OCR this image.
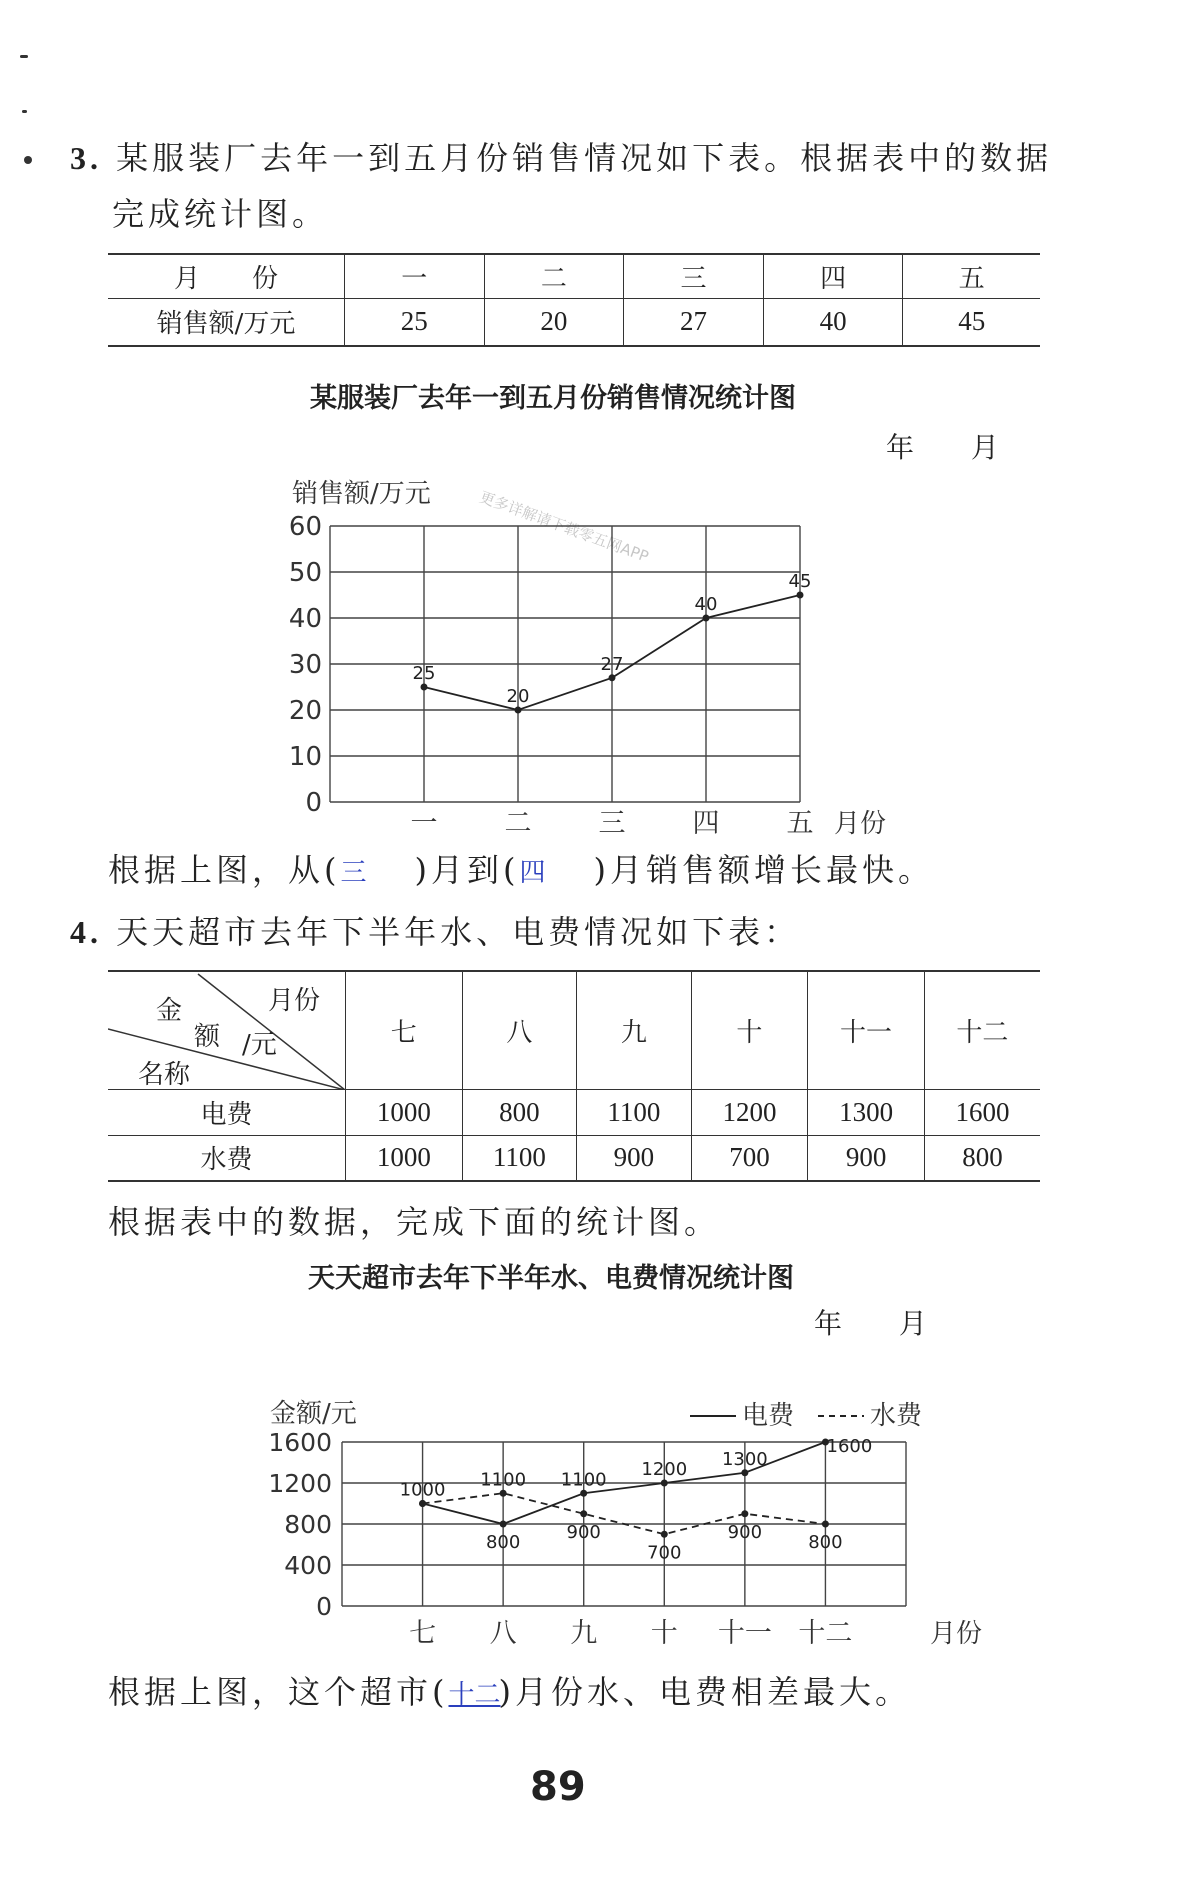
3. 某服装厂去年一到五月份销售情况如下表。根据表中的数据
完成统计图。
月　　份	一	二	三	四	五
销售额/万元	25	20	27	40	45
某服装厂去年一到五月份销售情况统计图
年 月
更多详解请下载零五网APP
销售额/万元
0
10
20
30
40
50
60
一 二 三 四 五 月份
25
20
27
40
45
根据上图，从(三 )月到(四 )月销售额增长最快。
4. 天天超市去年下半年水、电费情况如下表：
月份
金
额 /元
名称	七	八	九	十	十一	十二
电费	1000	800	1100	1200	1300	1600
水费	1000	1100	900	700	900	800
根据表中的数据，完成下面的统计图。
天天超市去年下半年水、电费情况统计图
年 月
金额/元	电费	水费
0
400
800
1200
1600
七 八 九 十 十一 十二	月份
1000 1100 1100 1200 1300
1600
800	900
700
900	800
根据上图，这个超市(十二)月份水、电费相差最大。
89
